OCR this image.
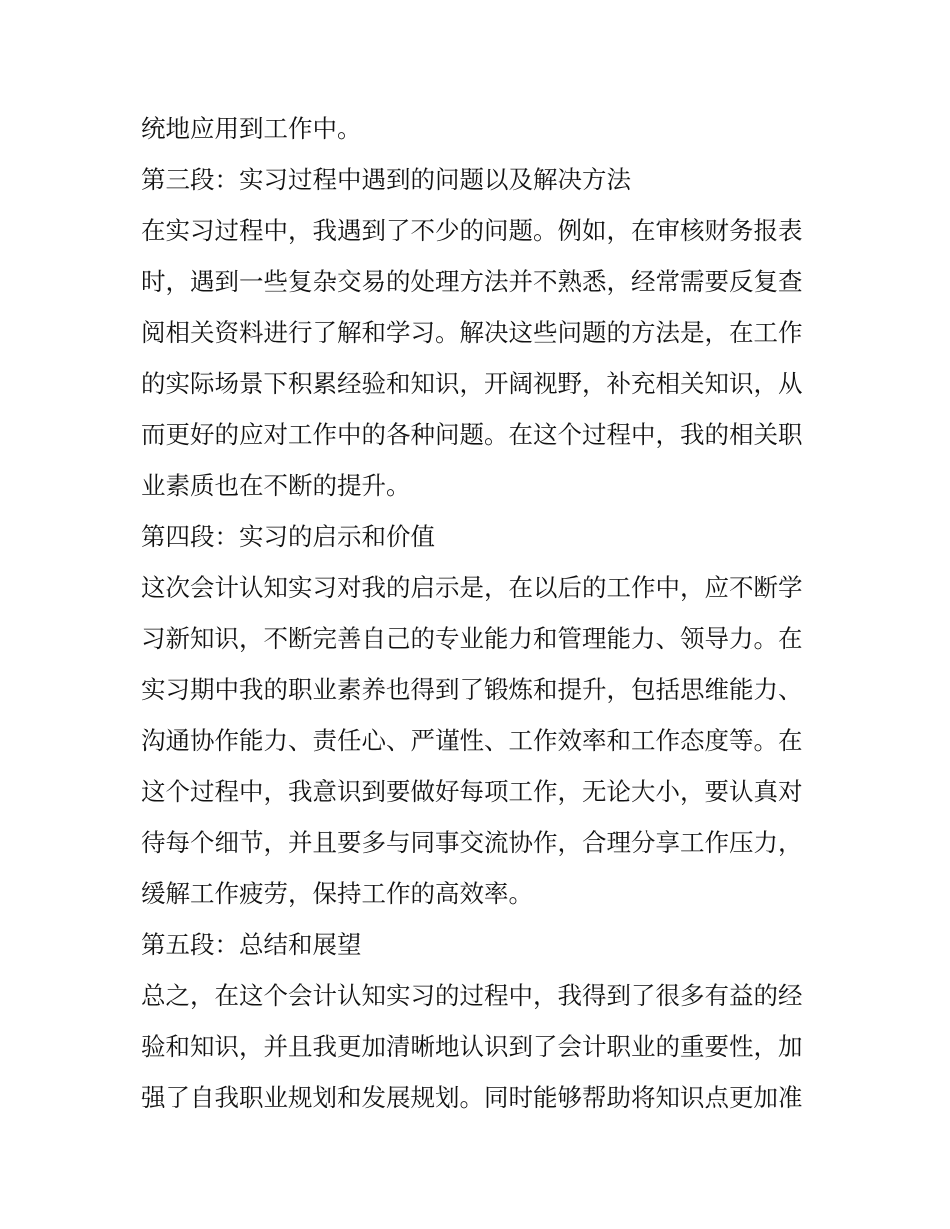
统地应用到工作中。
第三段：实习过程中遇到的问题以及解决方法
在实习过程中，我遇到了不少的问题。例如，在审核财务报表
时，遇到一些复杂交易的处理方法并不熟悉，经常需要反复查
阅相关资料进行了解和学习。解决这些问题的方法是，在工作
的实际场景下积累经验和知识，开阔视野，补充相关知识，从
而更好的应对工作中的各种问题。在这个过程中，我的相关职
业素质也在不断的提升。
第四段：实习的启示和价值
这次会计认知实习对我的启示是，在以后的工作中，应不断学
习新知识，不断完善自己的专业能力和管理能力、领导力。在
实习期中我的职业素养也得到了锻炼和提升，包括思维能力、
沟通协作能力、责任心、严谨性、工作效率和工作态度等。在
这个过程中，我意识到要做好每项工作，无论大小，要认真对
待每个细节，并且要多与同事交流协作，合理分享工作压力，
缓解工作疲劳，保持工作的高效率。
第五段：总结和展望
总之，在这个会计认知实习的过程中，我得到了很多有益的经
验和知识，并且我更加清晰地认识到了会计职业的重要性，加
强了自我职业规划和发展规划。同时能够帮助将知识点更加准
